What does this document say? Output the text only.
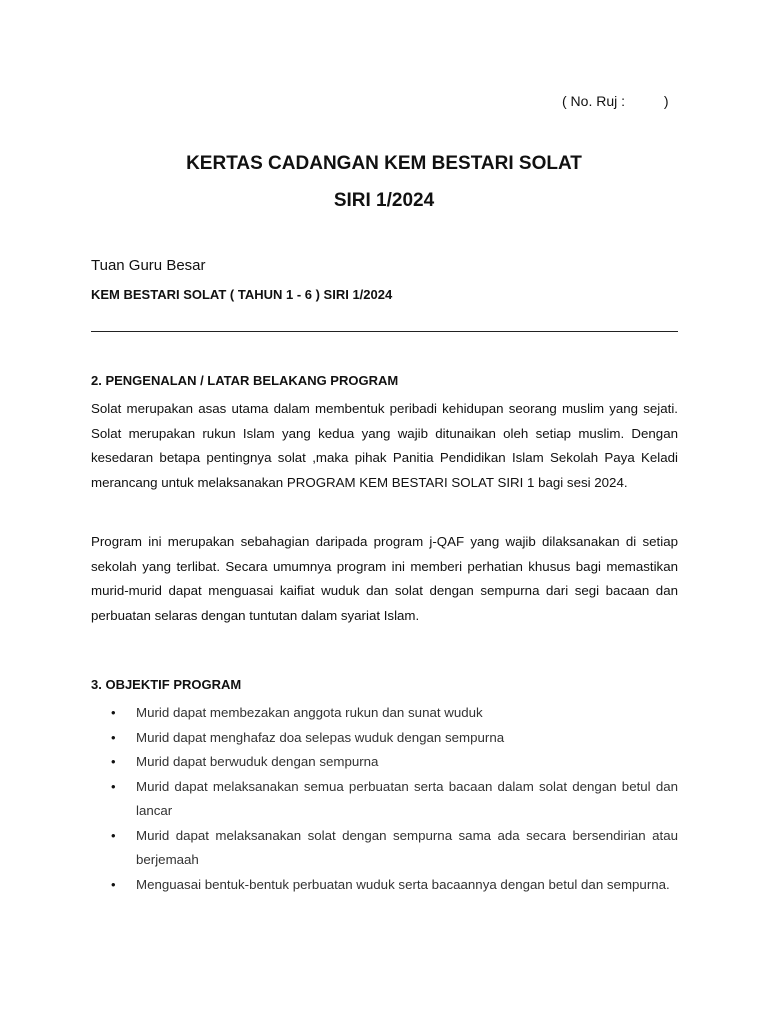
( No. Ruj :          )
KERTAS CADANGAN KEM BESTARI SOLAT
SIRI 1/2024
Tuan Guru Besar
KEM BESTARI SOLAT ( TAHUN 1 - 6 ) SIRI 1/2024
2. PENGENALAN / LATAR BELAKANG PROGRAM

Solat merupakan asas utama dalam membentuk peribadi kehidupan seorang muslim yang sejati. Solat merupakan rukun Islam yang kedua yang wajib ditunaikan oleh setiap muslim. Dengan kesedaran betapa pentingnya solat ,maka pihak Panitia Pendidikan Islam Sekolah Paya Keladi merancang untuk melaksanakan PROGRAM KEM BESTARI SOLAT SIRI 1 bagi sesi 2024.

Program ini merupakan sebahagian daripada program j-QAF yang wajib dilaksanakan di setiap sekolah yang terlibat. Secara umumnya program ini memberi perhatian khusus bagi memastikan murid-murid dapat menguasai kaifiat wuduk dan solat dengan sempurna dari segi bacaan dan perbuatan selaras dengan tuntutan dalam syariat Islam.

3. OBJEKTIF PROGRAM
• Murid dapat membezakan anggota rukun dan sunat wuduk
• Murid dapat menghafaz doa selepas wuduk dengan sempurna
• Murid dapat berwuduk dengan sempurna
• Murid dapat melaksanakan semua perbuatan serta bacaan dalam solat dengan betul dan lancar
• Murid dapat melaksanakan solat dengan sempurna sama ada secara bersendirian atau berjemaah
• Menguasai bentuk-bentuk perbuatan wuduk serta bacaannya dengan betul dan sempurna.
